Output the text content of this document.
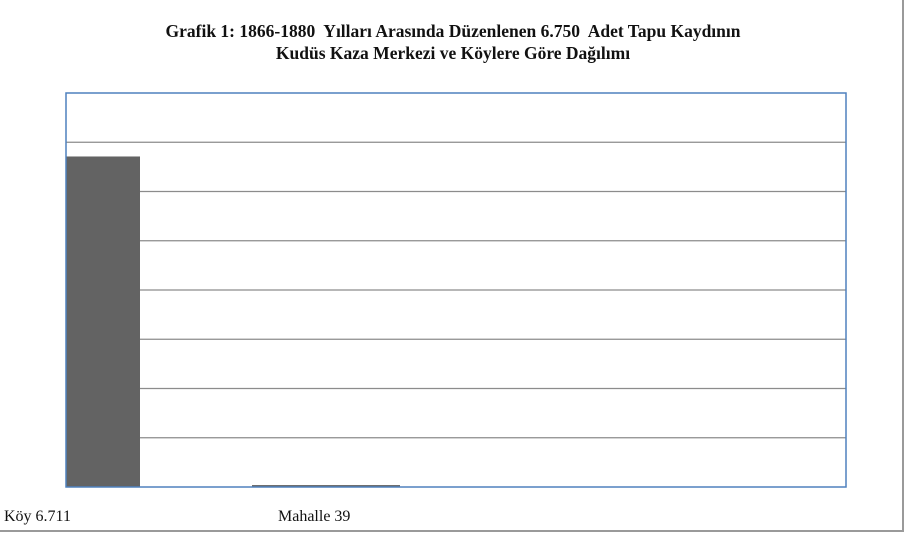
Grafik 1: 1866-1880  Yılları Arasında Düzenlenen 6.750  Adet Tapu Kaydının
Kudüs Kaza Merkezi ve Köylere Göre Dağılımı
Köy 6.711	Mahalle 39
